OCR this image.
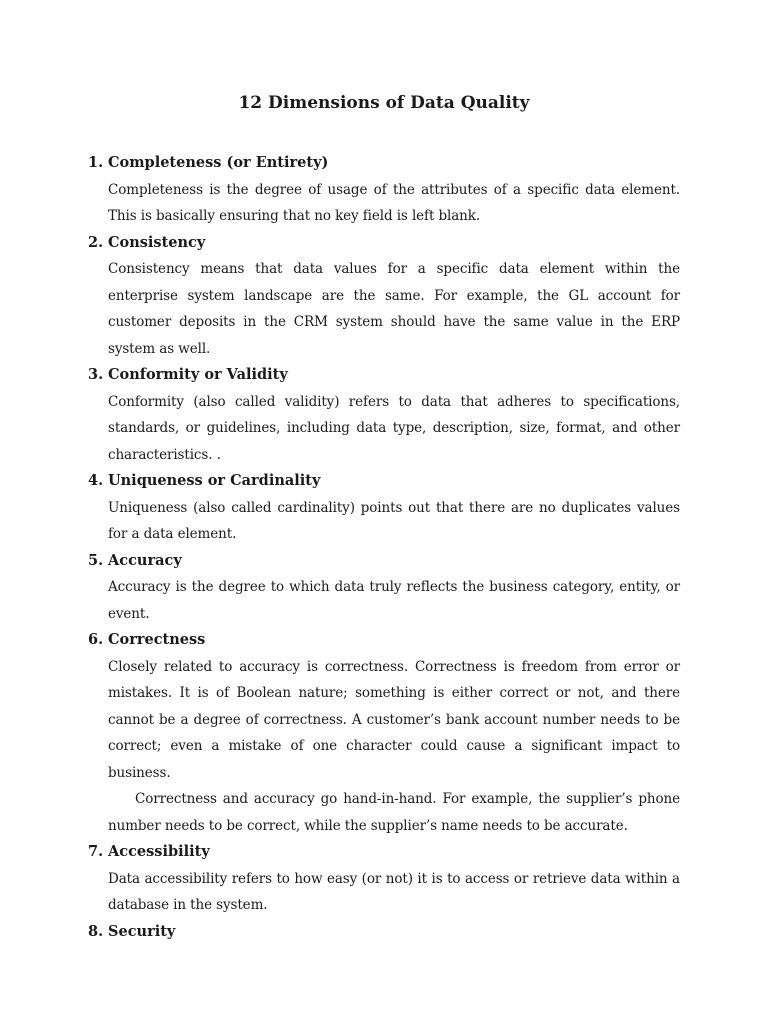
12 Dimensions of Data Quality
1. Completeness (or Entirety)

Completeness is the degree of usage of the attributes of a specific data element. This is basically ensuring that no key field is left blank.

2. Consistency

Consistency means that data values for a specific data element within the enterprise system landscape are the same. For example, the GL account for customer deposits in the CRM system should have the same value in the ERP system as well.

3. Conformity or Validity

Conformity (also called validity) refers to data that adheres to specifications, standards, or guidelines, including data type, description, size, format, and other characteristics. .

4. Uniqueness or Cardinality

Uniqueness (also called cardinality) points out that there are no duplicates values for a data element.

5. Accuracy

Accuracy is the degree to which data truly reflects the business category, entity, or event.

6. Correctness

Closely related to accuracy is correctness. Correctness is freedom from error or mistakes. It is of Boolean nature; something is either correct or not, and there cannot be a degree of correctness. A customer’s bank account number needs to be correct; even a mistake of one character could cause a significant impact to business.

Correctness and accuracy go hand-in-hand. For example, the supplier’s phone number needs to be correct, while the supplier’s name needs to be accurate.

7. Accessibility

Data accessibility refers to how easy (or not) it is to access or retrieve data within a database in the system.

8. Security
